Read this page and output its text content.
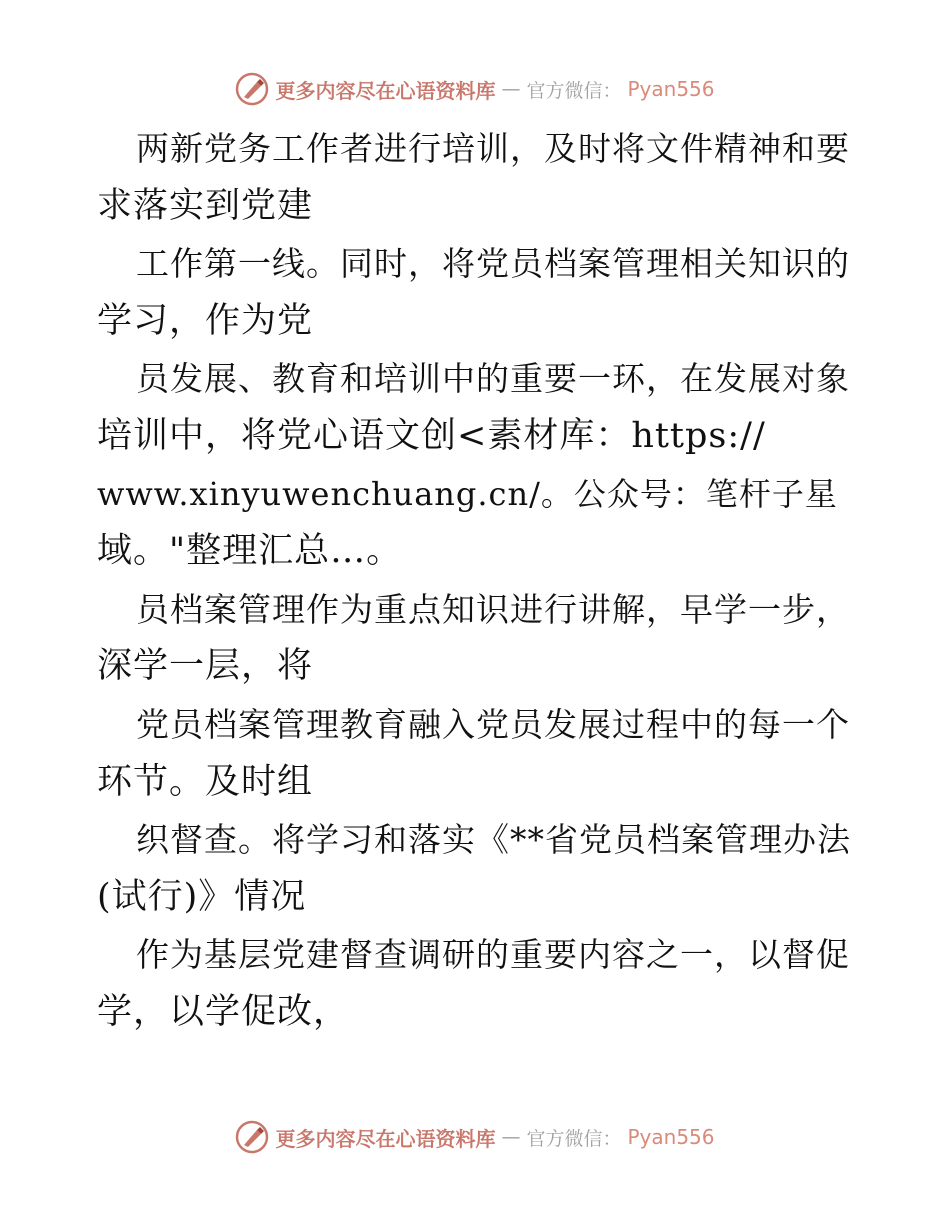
更多内容尽在心语资料库 — 官方微信： Pyan556
两新党务工作者进行培训，及时将文件精神和要
求落实到党建
工作第一线。同时，将党员档案管理相关知识的
学习，作为党
员发展、教育和培训中的重要一环，在发展对象
培训中，将党心语文创<素材库：https://
www.xinyuwenchuang.cn/。公众号：笔杆子星
域。"整理汇总…。
员档案管理作为重点知识进行讲解，早学一步，
深学一层，将
党员档案管理教育融入党员发展过程中的每一个
环节。及时组
织督查。将学习和落实《**省党员档案管理办法
(试行)》情况
作为基层党建督查调研的重要内容之一，以督促
学，以学促改，
更多内容尽在心语资料库 — 官方微信： Pyan556
